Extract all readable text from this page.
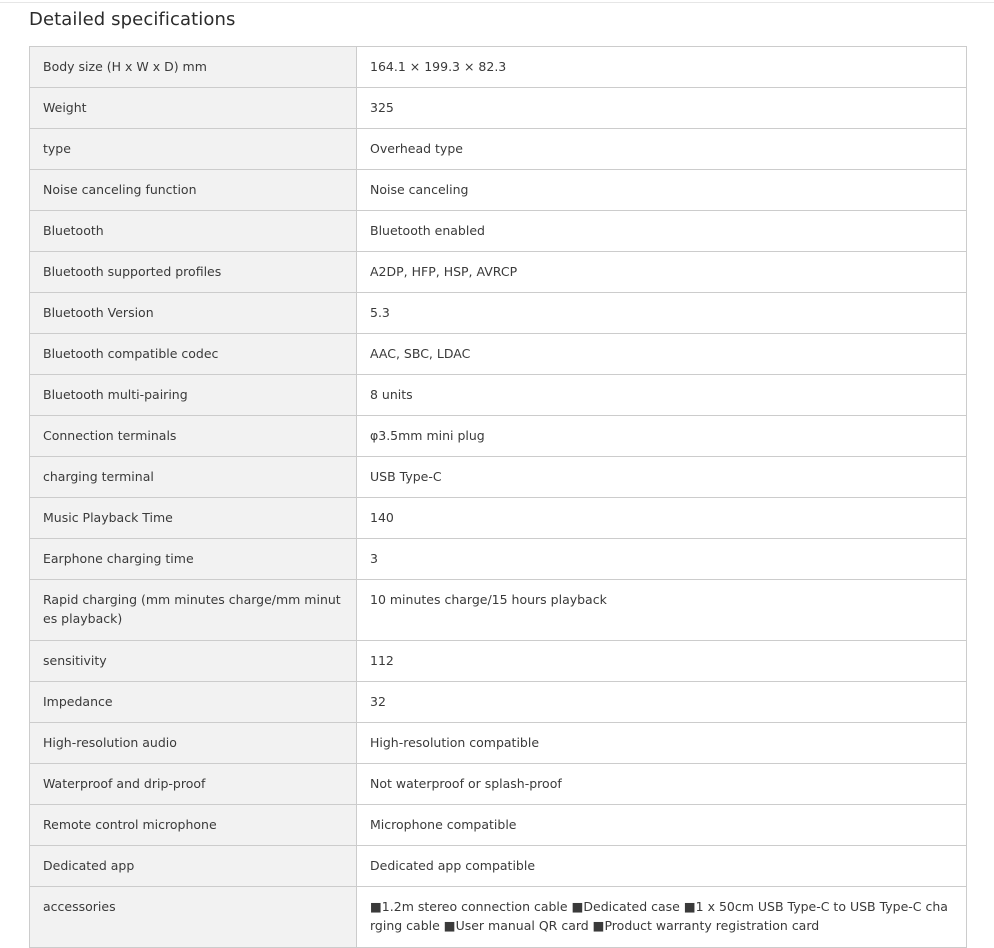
Detailed specifications
Body size (H x W x D) mm	164.1 × 199.3 × 82.3
Weight	325
type	Overhead type
Noise canceling function	Noise canceling
Bluetooth	Bluetooth enabled
Bluetooth supported profiles	A2DP, HFP, HSP, AVRCP
Bluetooth Version	5.3
Bluetooth compatible codec	AAC, SBC, LDAC
Bluetooth multi-pairing	8 units
Connection terminals	φ3.5mm mini plug
charging terminal	USB Type-C
Music Playback Time	140
Earphone charging time	3
Rapid charging (mm minutes charge/mm minutes playback)	10 minutes charge/15 hours playback
sensitivity	112
Impedance	32
High-resolution audio	High-resolution compatible
Waterproof and drip-proof	Not waterproof or splash-proof
Remote control microphone	Microphone compatible
Dedicated app	Dedicated app compatible
accessories	■1.2m stereo connection cable ■Dedicated case ■1 x 50cm USB Type-C to USB Type-C charging cable ■User manual QR card ■Product warranty registration card
